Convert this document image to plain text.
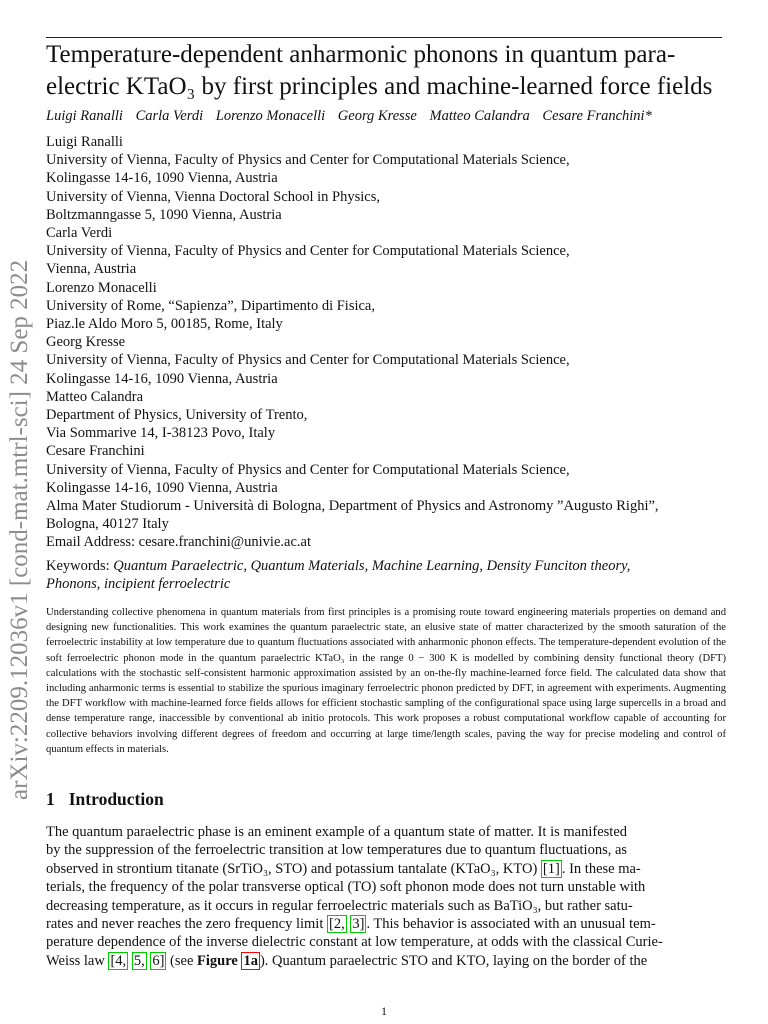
Temperature-dependent anharmonic phonons in quantum para-
electric KTaO₃ by first principles and machine-learned force fields
Luigi Ranalli Carla Verdi Lorenzo Monacelli Georg Kresse Matteo Calandra Cesare Franchini*
Luigi Ranalli
University of Vienna, Faculty of Physics and Center for Computational Materials Science,
Kolingasse 14-16, 1090 Vienna, Austria
University of Vienna, Vienna Doctoral School in Physics,
Boltzmanngasse 5, 1090 Vienna, Austria
Carla Verdi
University of Vienna, Faculty of Physics and Center for Computational Materials Science,
Vienna, Austria
Lorenzo Monacelli
University of Rome, “Sapienza”, Dipartimento di Fisica,
Piaz.le Aldo Moro 5, 00185, Rome, Italy
Georg Kresse
University of Vienna, Faculty of Physics and Center for Computational Materials Science,
Kolingasse 14-16, 1090 Vienna, Austria
Matteo Calandra
Department of Physics, University of Trento,
Via Sommarive 14, I-38123 Povo, Italy
Cesare Franchini
University of Vienna, Faculty of Physics and Center for Computational Materials Science,
Kolingasse 14-16, 1090 Vienna, Austria
Alma Mater Studiorum - Università di Bologna, Department of Physics and Astronomy ”Augusto Righi”,
Bologna, 40127 Italy
Email Address: cesare.franchini@univie.ac.at
Keywords: Quantum Paraelectric, Quantum Materials, Machine Learning, Density Funciton theory,
Phonons, incipient ferroelectric
Understanding collective phenomena in quantum materials from first principles is a promising route toward engineering materials properties on demand and designing new functionalities. This work examines the quantum paraelectric state, an elusive state of matter characterized by the smooth saturation of the ferroelectric instability at low temperature due to quantum fluctuations associated with anharmonic phonon effects. The temperature-dependent evolution of the soft ferroelectric phonon mode in the quantum paraelectric KTaO₃ in the range 0 − 300 K is modelled by combining density functional theory (DFT) calculations with the stochastic self-consistent harmonic approximation assisted by an on-the-fly machine-learned force field. The calculated data show that including anharmonic terms is essential to stabilize the spurious imaginary ferroelectric phonon predicted by DFT, in agreement with experiments. Augmenting the DFT workflow with machine-learned force fields allows for efficient stochastic sampling of the configurational space using large supercells in a broad and dense temperature range, inaccessible by conventional ab initio protocols. This work proposes a robust computational workflow capable of accounting for collective behaviors involving different degrees of freedom and occurring at large time/length scales, paving the way for precise modeling and control of quantum effects in materials.
1 Introduction
The quantum paraelectric phase is an eminent example of a quantum state of matter. It is manifested
by the suppression of the ferroelectric transition at low temperatures due to quantum fluctuations, as
observed in strontium titanate (SrTiO₃, STO) and potassium tantalate (KTaO₃, KTO) [1] . In these ma-
terials, the frequency of the polar transverse optical (TO) soft phonon mode does not turn unstable with
decreasing temperature, as it occurs in regular ferroelectric materials such as BaTiO₃, but rather satu-
rates and never reaches the zero frequency limit [2, 3] . This behavior is associated with an unusual tem-
perature dependence of the inverse dielectric constant at low temperature, at odds with the classical Curie-
Weiss law [4, 5, 6] (see Figure 1a ). Quantum paraelectric STO and KTO, laying on the border of the
arXiv:2209.12036v1 [cond-mat.mtrl-sci] 24 Sep 2022
1
